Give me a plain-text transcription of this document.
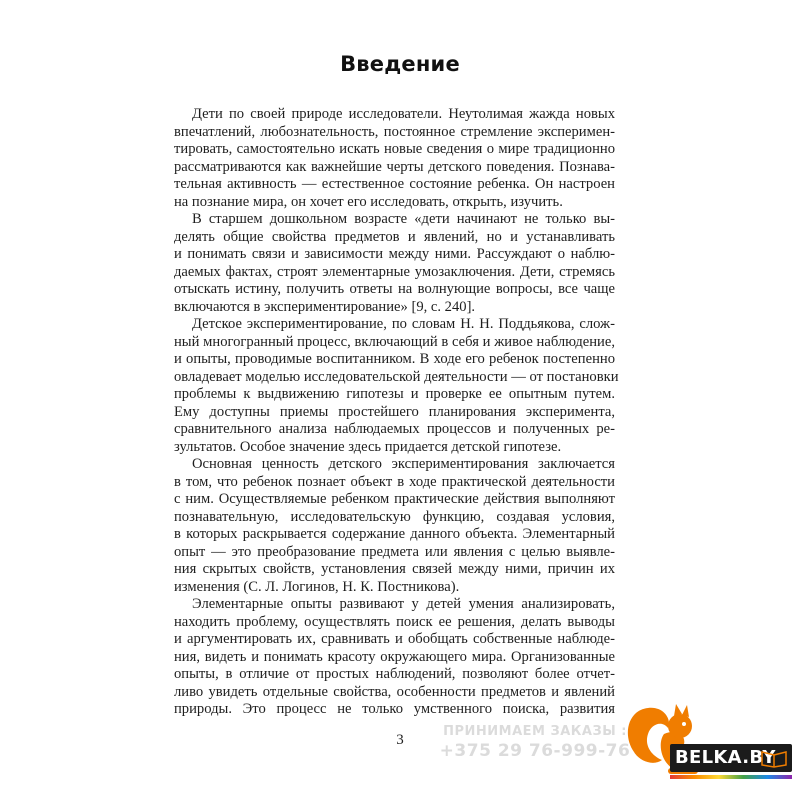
Введение
Дети по своей природе исследователи. Неутолимая жажда новых
впечатлений, любознательность, постоянное стремление эксперимен-
тировать, самостоятельно искать новые сведения о мире традиционно
рассматриваются как важнейшие черты детского поведения. Познава-
тельная активность — естественное состояние ребенка. Он настроен
на познание мира, он хочет его исследовать, открыть, изучить.
В старшем дошкольном возрасте «дети начинают не только вы-
делять общие свойства предметов и явлений, но и устанавливать
и понимать связи и зависимости между ними. Рассуждают о наблю-
даемых фактах, строят элементарные умозаключения. Дети, стремясь
отыскать истину, получить ответы на волнующие вопросы, все чаще
включаются в экспериментирование» [9, с. 240].
Детское экспериментирование, по словам Н. Н. Поддьякова, слож-
ный многогранный процесс, включающий в себя и живое наблюдение,
и опыты, проводимые воспитанником. В ходе его ребенок постепенно
овладевает моделью исследовательской деятельности — от постановки
проблемы к выдвижению гипотезы и проверке ее опытным путем.
Ему доступны приемы простейшего планирования эксперимента,
сравнительного анализа наблюдаемых процессов и полученных ре-
зультатов. Особое значение здесь придается детской гипотезе.
Основная ценность детского экспериментирования заключается
в том, что ребенок познает объект в ходе практической деятельности
с ним. Осуществляемые ребенком практические действия выполняют
познавательную, исследовательскую функцию, создавая условия,
в которых раскрывается содержание данного объекта. Элементарный
опыт — это преобразование предмета или явления с целью выявле-
ния скрытых свойств, установления связей между ними, причин их
изменения (С. Л. Логинов, Н. К. Постникова).
Элементарные опыты развивают у детей умения анализировать,
находить проблему, осуществлять поиск ее решения, делать выводы
и аргументировать их, сравнивать и обобщать собственные наблюде-
ния, видеть и понимать красоту окружающего мира. Организованные
опыты, в отличие от простых наблюдений, позволяют более отчет-
ливо увидеть отдельные свойства, особенности предметов и явлений
природы. Это процесс не только умственного поиска, развития
3
ПРИНИМАЕМ ЗАКАЗЫ :
+375 29 76-999-76	BELKA.BY
